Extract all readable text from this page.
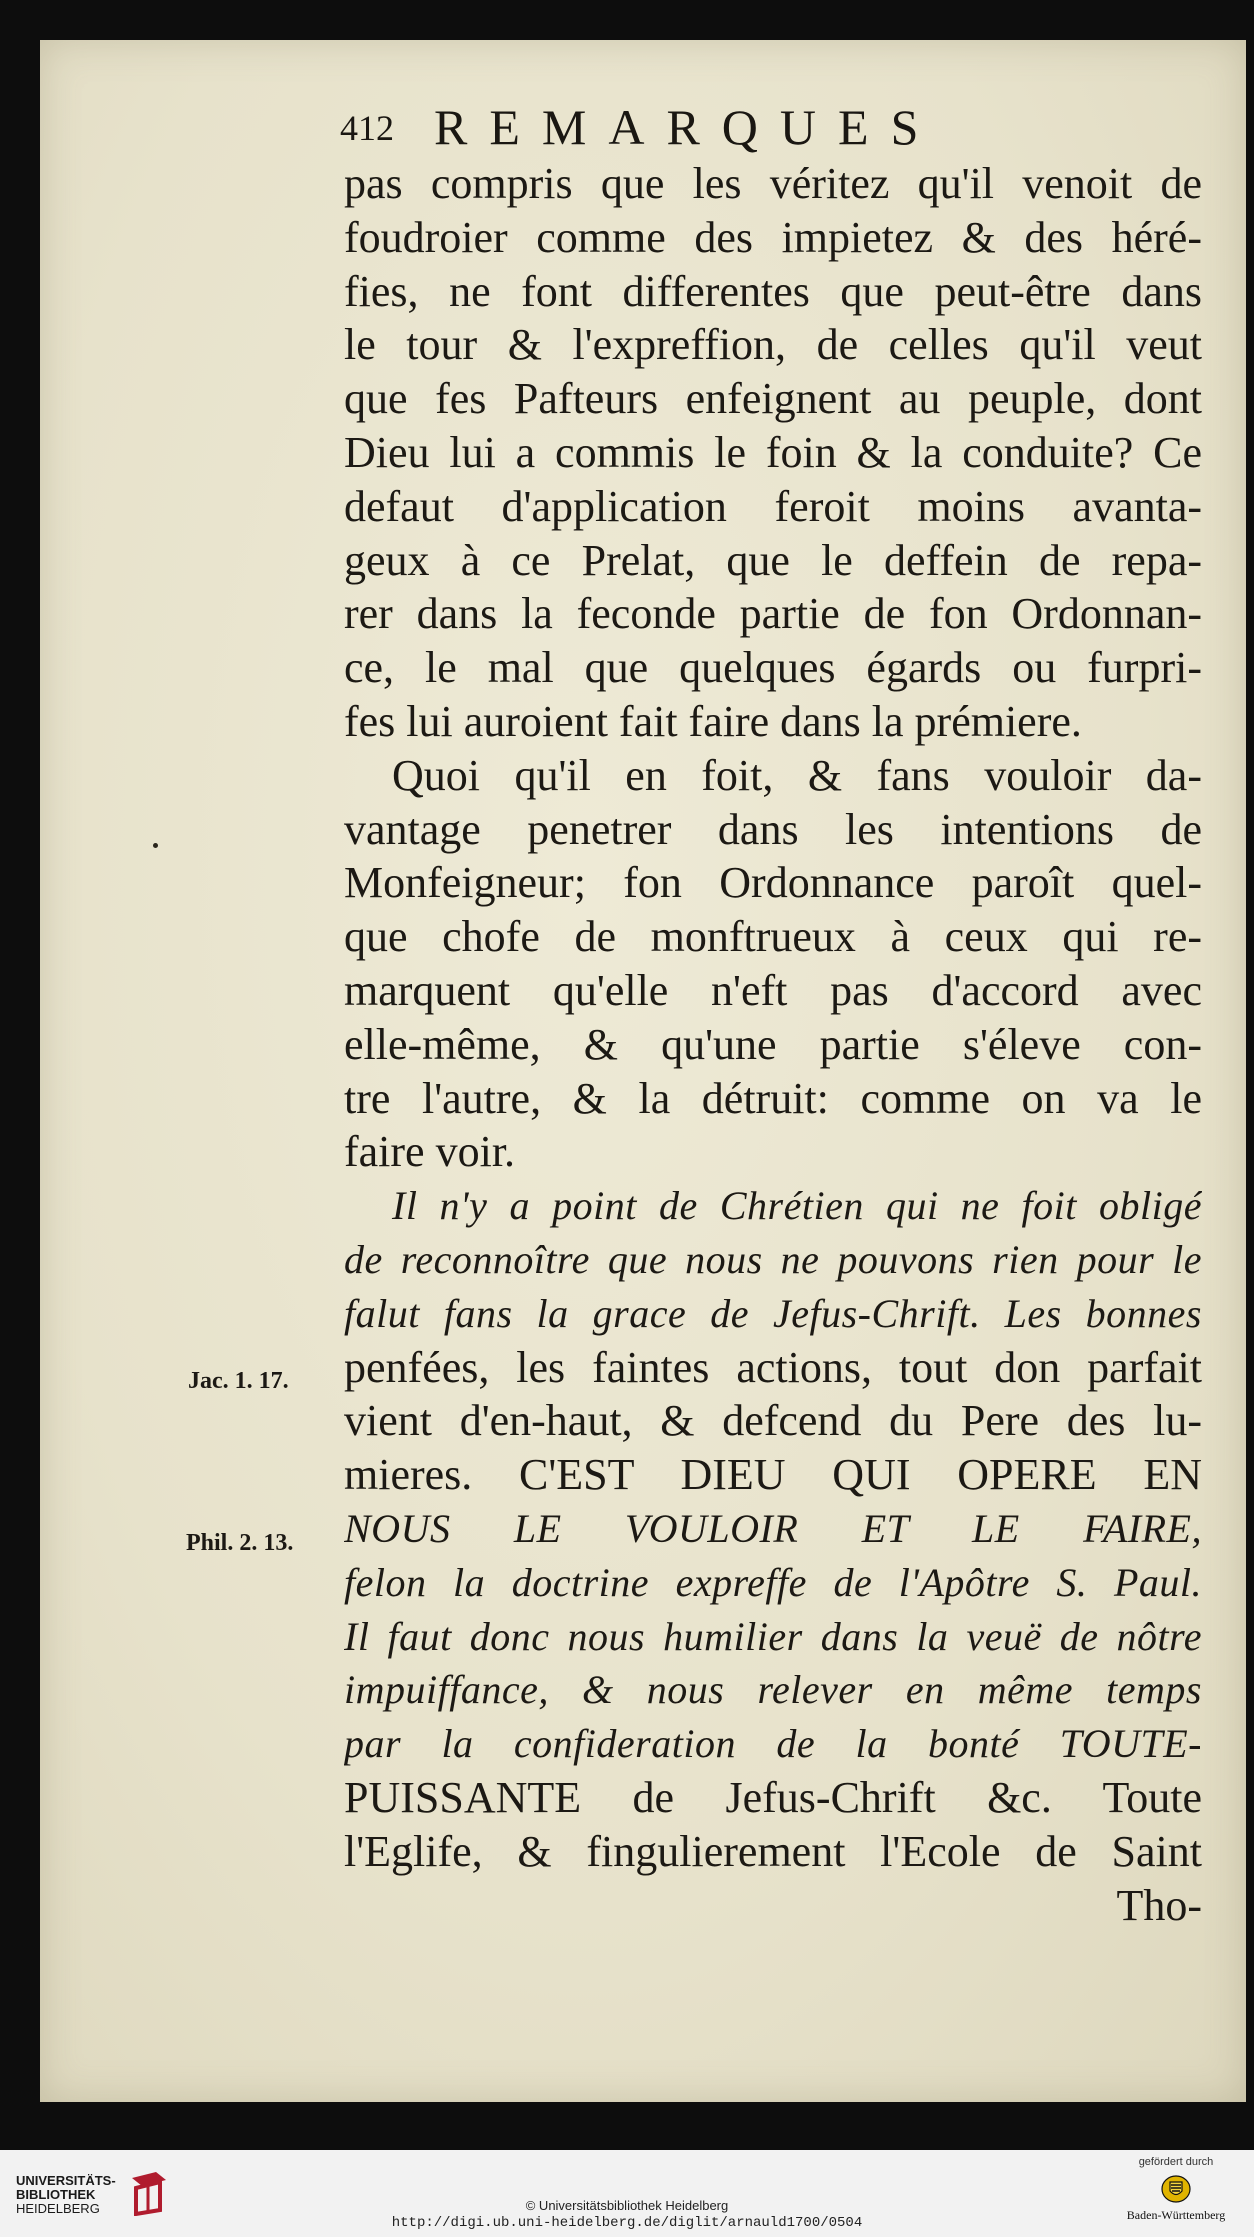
412 REMARQUES
pas compris que les véritez qu'il venoit de
foudroier comme des impietez & des héré-
fies, ne font differentes que peut-être dans
le tour & l'expreffion, de celles qu'il veut
que fes Pafteurs enfeignent au peuple, dont
Dieu lui a commis le foin & la conduite? Ce
defaut d'application feroit moins avanta-
geux à ce Prelat, que le deffein de repa-
rer dans la feconde partie de fon Ordonnan-
ce, le mal que quelques égards ou furpri-
fes lui auroient fait faire dans la prémiere.
Quoi qu'il en foit, & fans vouloir da-
vantage penetrer dans les intentions de
Monfeigneur; fon Ordonnance paroît quel-
que chofe de monftrueux à ceux qui re-
marquent qu'elle n'eft pas d'accord avec
elle-même, & qu'une partie s'éleve con-
tre l'autre, & la détruit: comme on va le
faire voir.
Il n'y a point de Chrétien qui ne foit obligé
de reconnoître que nous ne pouvons rien pour le
falut fans la grace de Jefus-Chrift. Les bonnes
penfées, les faintes actions, tout don parfait
vient d'en-haut, & defcend du Pere des lu-
mieres. C'EST DIEU QUI OPERE EN
NOUS LE VOULOIR ET LE FAIRE,
felon la doctrine expreffe de l'Apôtre S. Paul.
Il faut donc nous humilier dans la veuë de nôtre
impuiffance, & nous relever en même temps
par la confideration de la bonté TOUTE-
PUISSANTE de Jefus-Chrift &c. Toute
l'Eglife, & fingulierement l'Ecole de Saint
Tho-
Jac. 1. 17.
Phil. 2. 13.
UNIVERSITÄTS-
BIBLIOTHEK
HEIDELBERG	© Universitätsbibliothek Heidelberg
http://digi.ub.uni-heidelberg.de/diglit/arnauld1700/0504
gefördert durch
Baden-Württemberg
